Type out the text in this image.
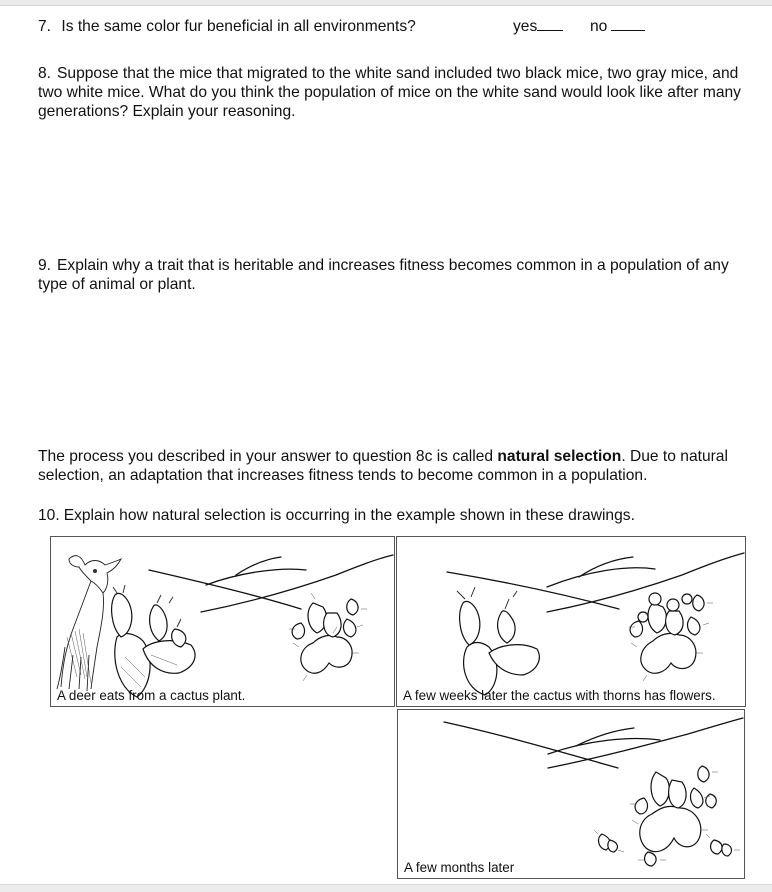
7. Is the same color fur beneficial in all environments?	yes	no

8. Suppose that the mice that migrated to the white sand included two black mice, two gray mice, and two white mice. What do you think the population of mice on the white sand would look like after many generations? Explain your reasoning.

9. Explain why a trait that is heritable and increases fitness becomes common in a population of any type of animal or plant.

The process you described in your answer to question 8c is called natural selection. Due to natural selection, an adaptation that increases fitness tends to become common in a population.

10. Explain how natural selection is occurring in the example shown in these drawings.

A deer eats from a cactus plant.	A few weeks later the cactus with thorns has flowers.
A few months later
